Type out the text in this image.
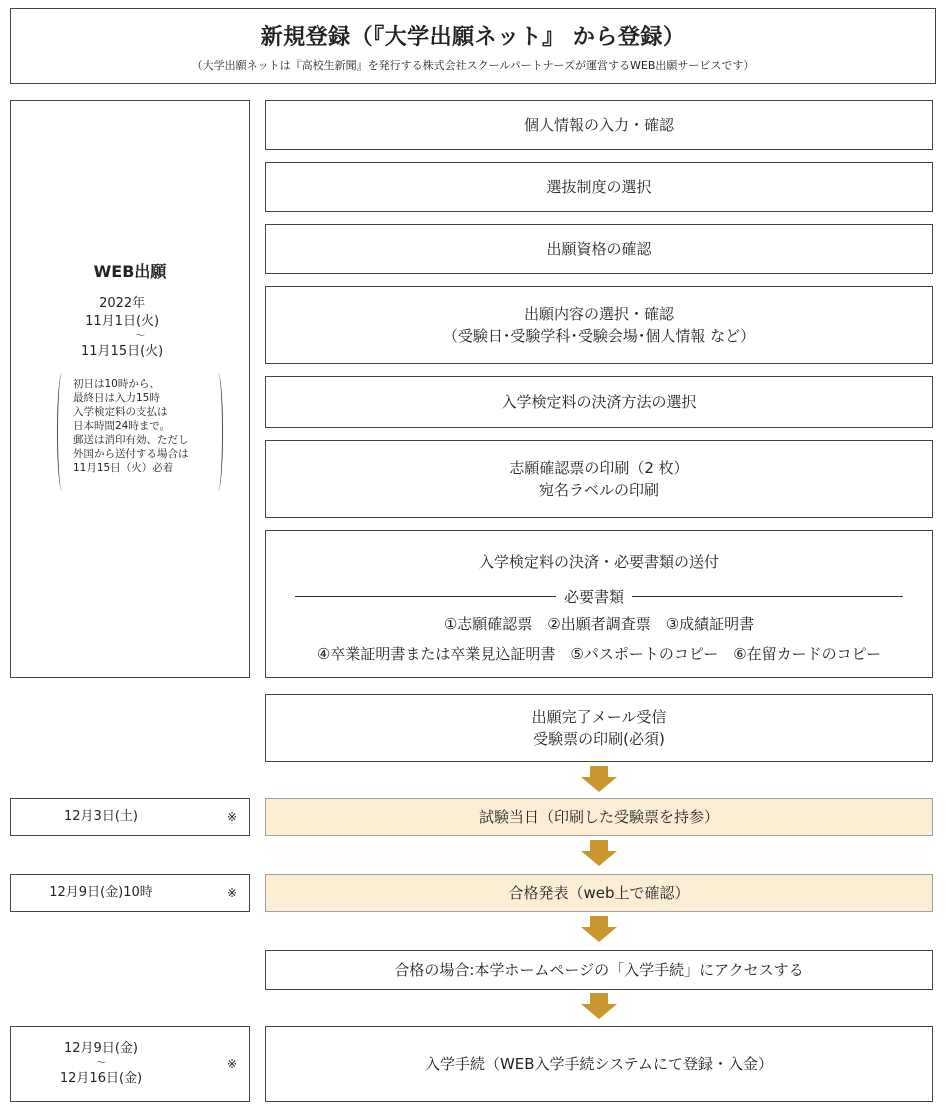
新規登録（『大学出願ネット』 から登録）
（大学出願ネットは『高校生新聞』を発行する株式会社スクールパートナーズが運営するWEB出願サービスです）
WEB出願
2022年
11月1日(火)
〜
11月15日(火)
初日は10時から、
最終日は入力15時
入学検定料の支払は
日本時間24時まで。
郵送は消印有効、ただし
外国から送付する場合は
11月15日（火）必着
個人情報の入力・確認
選抜制度の選択
出願資格の確認
出願内容の選択・確認
（受験日･受験学科･受験会場･個人情報 など）
入学検定料の決済方法の選択
志願確認票の印刷（2 枚）
宛名ラベルの印刷
入学検定料の決済・必要書類の送付
①志願確認票　②出願者調査票　③成績証明書
④卒業証明書または卒業見込証明書　⑤パスポートのコピー　⑥在留カードのコピー
必要書類
出願完了メール受信
受験票の印刷(必須)
12月3日(土)	※	試験当日（印刷した受験票を持参）
12月9日(金)10時	※	合格発表（web上で確認）
合格の場合:本学ホームページの「入学手続」にアクセスする
12月9日(金)
〜
12月16日(金)
※	入学手続（WEB入学手続システムにて登録・入金）
